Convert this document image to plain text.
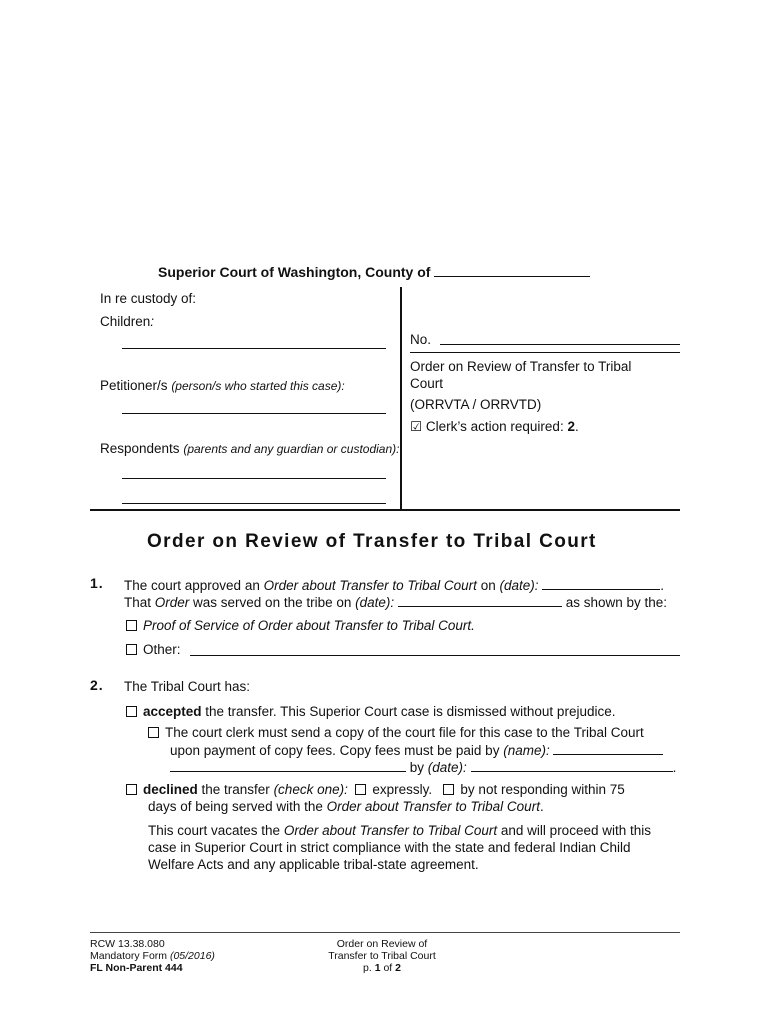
Superior Court of Washington, County of
In re custody of:
Children:
Petitioner/s (person/s who started this case):
Respondents (parents and any guardian or custodian):
No.
Order on Review of Transfer to Tribal
Court
(ORRVTA / ORRVTD)
☑ Clerk’s action required: 2.
Order on Review of Transfer to Tribal Court
1. The court approved an Order about Transfer to Tribal Court on (date):	.
That Order was served on the tribe on (date):	as shown by the:
Proof of Service of Order about Transfer to Tribal Court.
Other:
2. The Tribal Court has:
accepted the transfer. This Superior Court case is dismissed without prejudice.
The court clerk must send a copy of the court file for this case to the Tribal Court
upon payment of copy fees. Copy fees must be paid by (name):
by (date):	.
declined the transfer (check one): expressly. by not responding within 75
days of being served with the Order about Transfer to Tribal Court.
This court vacates the Order about Transfer to Tribal Court and will proceed with this
case in Superior Court in strict compliance with the state and federal Indian Child
Welfare Acts and any applicable tribal-state agreement.
RCW 13.38.080
Mandatory Form (05/2016)
FL Non-Parent 444
Order on Review of
Transfer to Tribal Court
p. 1 of 2
